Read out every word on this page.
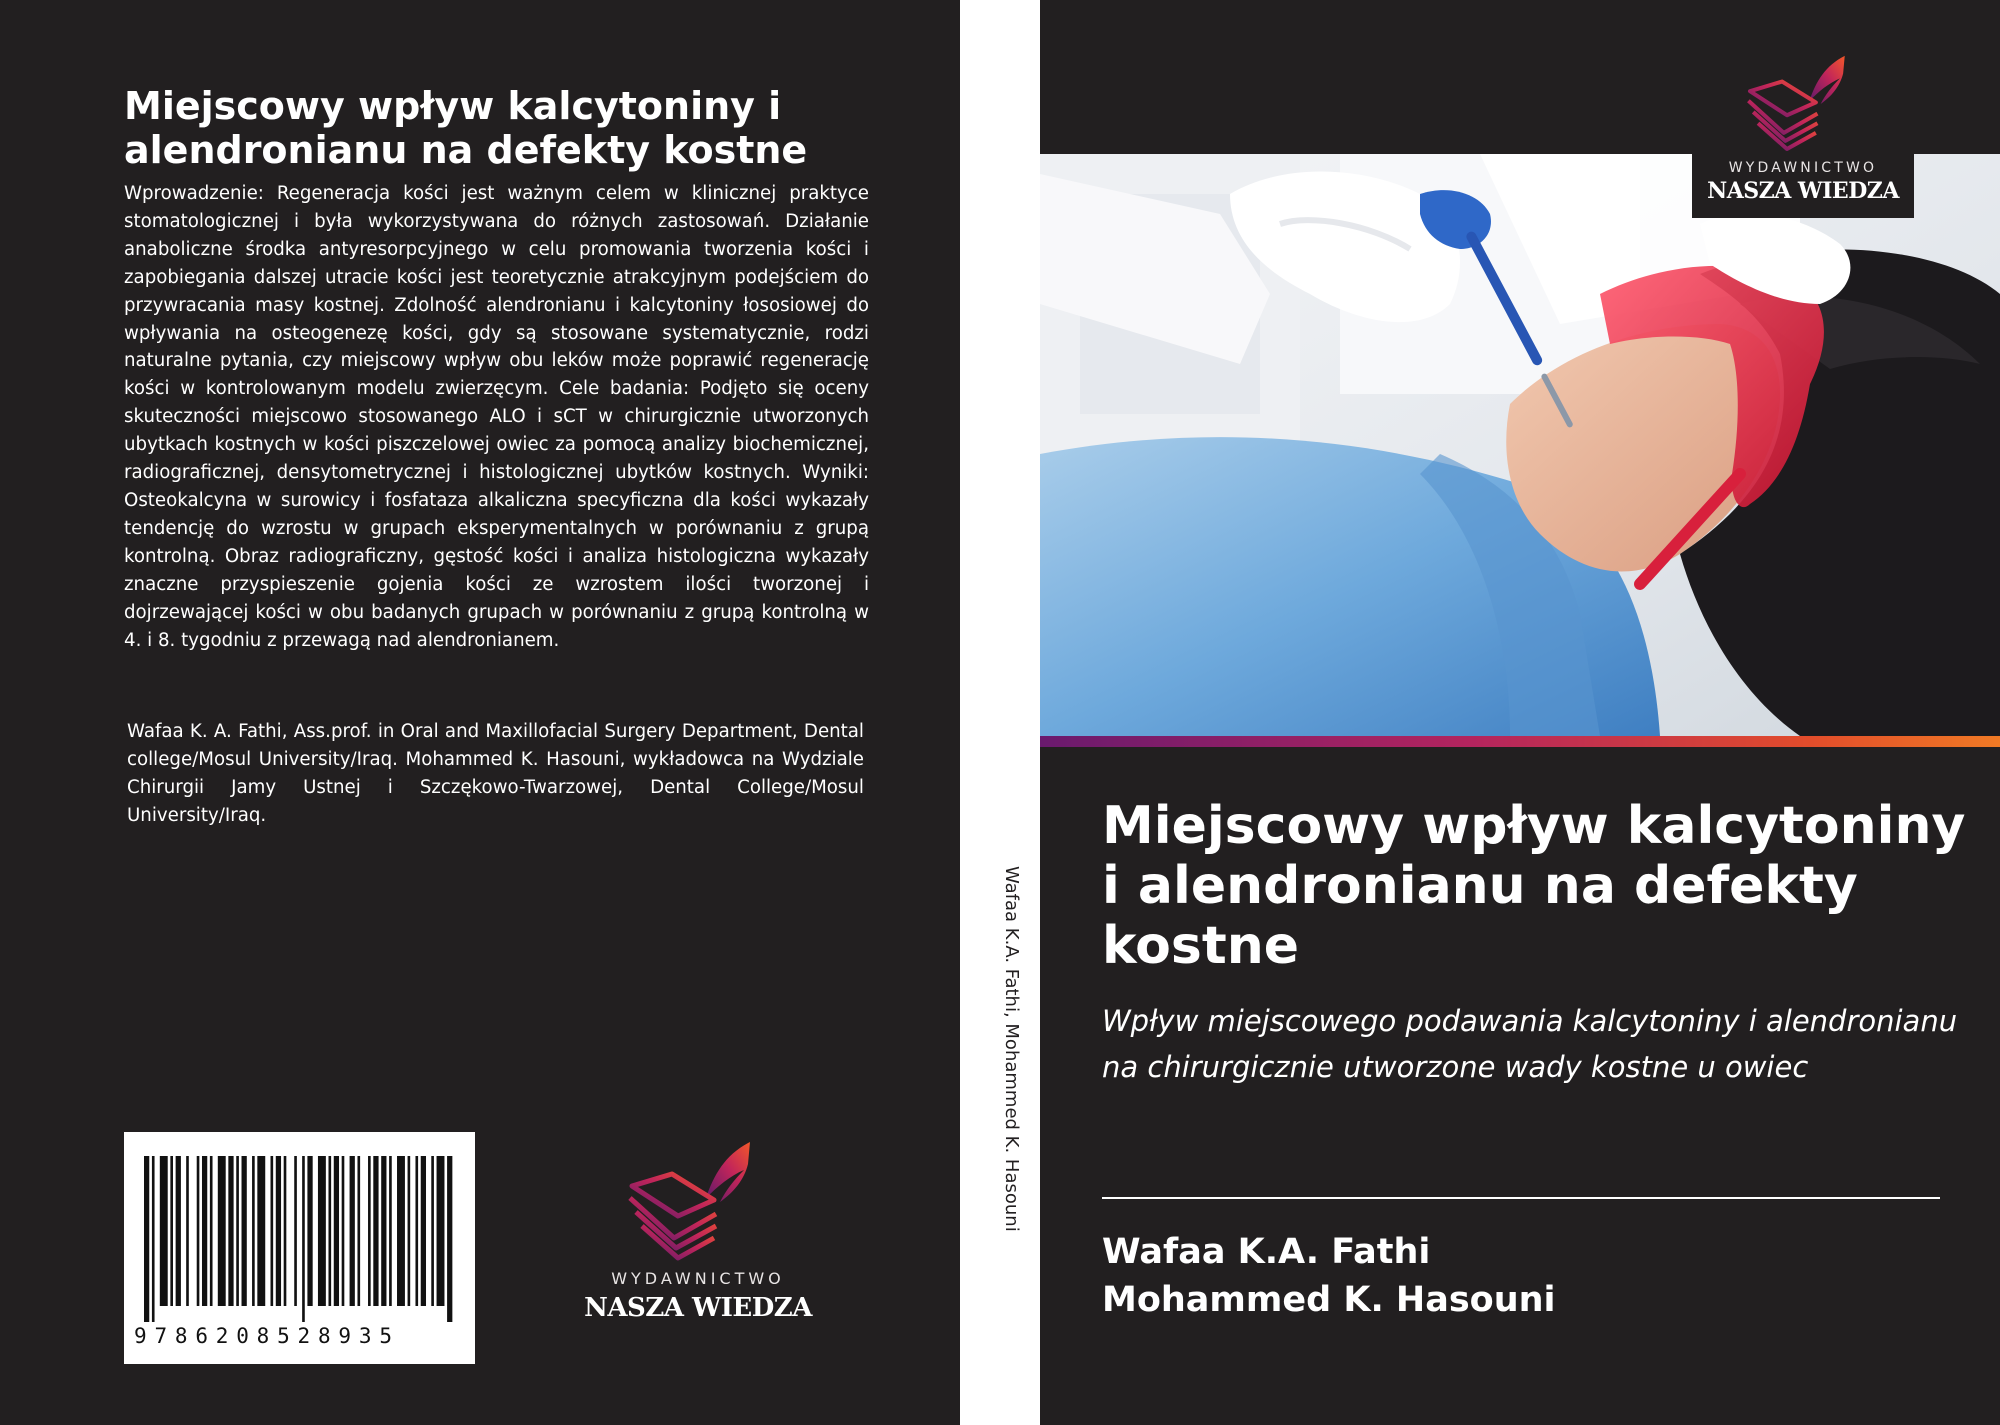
Miejscowy wpływ kalcytoniny i alendronianu na defekty kostne
Wprowadzenie: Regeneracja kości jest ważnym celem w klinicznej praktyce stomatologicznej i była wykorzystywana do różnych zastosowań. Działanie anaboliczne środka antyresorpcyjnego w celu promowania tworzenia kości i zapobiegania dalszej utracie kości jest teoretycznie atrakcyjnym podejściem do przywracania masy kostnej. Zdolność alendronianu i kalcytoniny łososiowej do wpływania na osteogenezę kości, gdy są stosowane systematycznie, rodzi naturalne pytania, czy miejscowy wpływ obu leków może poprawić regenerację kości w kontrolowanym modelu zwierzęcym. Cele badania: Podjęto się oceny skuteczności miejscowo stosowanego ALO i sCT w chirurgicznie utworzonych ubytkach kostnych w kości piszczelowej owiec za pomocą analizy biochemicznej, radiograficznej, densytometrycznej i histologicznej ubytków kostnych. Wyniki: Osteokalcyna w surowicy i fosfataza alkaliczna specyficzna dla kości wykazały tendencję do wzrostu w grupach eksperymentalnych w porównaniu z grupą kontrolną. Obraz radiograficzny, gęstość kości i analiza histologiczna wykazały znaczne przyspieszenie gojenia kości ze wzrostem ilości tworzonej i dojrzewającej kości w obu badanych grupach w porównaniu z grupą kontrolną w 4. i 8. tygodniu z przewagą nad alendronianem.
Wafaa K. A. Fathi, Ass.prof. in Oral and Maxillofacial Surgery Department, Dental college/Mosul University/Iraq. Mohammed K. Hasouni, wykładowca na Wydziale Chirurgii Jamy Ustnej i Szczękowo-Twarzowej, Dental College/Mosul University/Iraq.
9786208528935
WYDAWNICTWO
NASZA WIEDZA
Wafaa K.A. Fathi, Mohammed K. Hasouni
WYDAWNICTWO
NASZA WIEDZA
Miejscowy wpływ kalcytoniny i alendronianu na defekty kostne
Wpływ miejscowego podawania kalcytoniny i alendronianu na chirurgicznie utworzone wady kostne u owiec
Wafaa K.A. Fathi
Mohammed K. Hasouni
